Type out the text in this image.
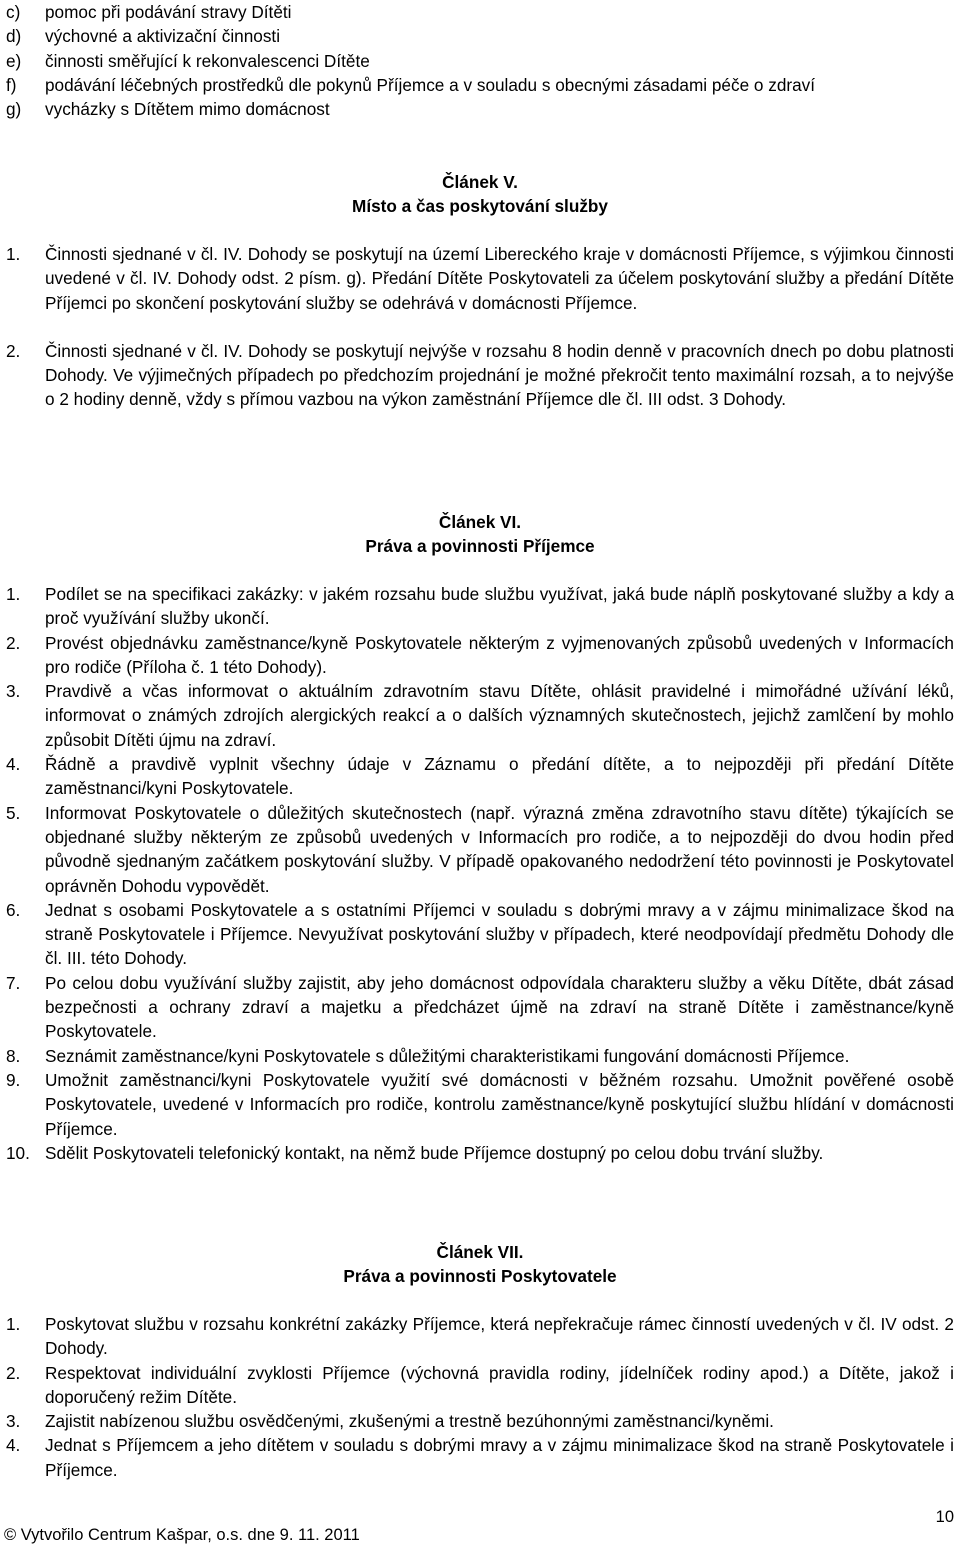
c) pomoc při podávání stravy Dítěti
d) výchovné a aktivizační činnosti
e) činnosti směřující k rekonvalescenci Dítěte
f) podávání léčebných prostředků dle pokynů Příjemce a v souladu s obecnými zásadami péče o zdraví
g) vycházky s Dítětem mimo domácnost
Článek V.
Místo a čas poskytování služby
1. Činnosti sjednané v čl. IV. Dohody se poskytují na území Libereckého kraje v domácnosti Příjemce, s výjimkou činnosti uvedené v čl. IV. Dohody odst. 2 písm. g). Předání Dítěte Poskytovateli za účelem poskytování služby a předání Dítěte Příjemci po skončení poskytování služby se odehrává v domácnosti Příjemce.
2. Činnosti sjednané v čl. IV. Dohody se poskytují nejvýše v rozsahu 8 hodin denně v pracovních dnech po dobu platnosti Dohody. Ve výjimečných případech po předchozím projednání je možné překročit tento maximální rozsah, a to nejvýše o 2 hodiny denně, vždy s přímou vazbou na výkon zaměstnání Příjemce dle čl. III odst. 3 Dohody.
Článek VI.
Práva a povinnosti Příjemce
1. Podílet se na specifikaci zakázky: v jakém rozsahu bude službu využívat, jaká bude náplň poskytované služby a kdy a proč využívání služby ukončí.
2. Provést objednávku zaměstnance/kyně Poskytovatele některým z vyjmenovaných způsobů uvedených v Informacích pro rodiče (Příloha č. 1 této Dohody).
3. Pravdivě a včas informovat o aktuálním zdravotním stavu Dítěte, ohlásit pravidelné i mimořádné užívání léků, informovat o známých zdrojích alergických reakcí a o dalších významných skutečnostech, jejichž zamlčení by mohlo způsobit Dítěti újmu na zdraví.
4. Řádně a pravdivě vyplnit všechny údaje v Záznamu o předání dítěte, a to nejpozději při předání Dítěte zaměstnanci/kyni Poskytovatele.
5. Informovat Poskytovatele o důležitých skutečnostech (např. výrazná změna zdravotního stavu dítěte) týkajících se objednané služby některým ze způsobů uvedených v Informacích pro rodiče, a to nejpozději do dvou hodin před původně sjednaným začátkem poskytování služby. V případě opakovaného nedodržení této povinnosti je Poskytovatel oprávněn Dohodu vypovědět.
6. Jednat s osobami Poskytovatele a s ostatními Příjemci v souladu s dobrými mravy a v zájmu minimalizace škod na straně Poskytovatele i Příjemce. Nevyužívat poskytování služby v případech, které neodpovídají předmětu Dohody dle čl. III. této Dohody.
7. Po celou dobu využívání služby zajistit, aby jeho domácnost odpovídala charakteru služby a věku Dítěte, dbát zásad bezpečnosti a ochrany zdraví a majetku a předcházet újmě na zdraví na straně Dítěte i zaměstnance/kyně Poskytovatele.
8. Seznámit zaměstnance/kyni Poskytovatele s důležitými charakteristikami fungování domácnosti Příjemce.
9. Umožnit zaměstnanci/kyni Poskytovatele využití své domácnosti v běžném rozsahu. Umožnit pověřené osobě Poskytovatele, uvedené v Informacích pro rodiče, kontrolu zaměstnance/kyně poskytující službu hlídání v domácnosti Příjemce.
10. Sdělit Poskytovateli telefonický kontakt, na němž bude Příjemce dostupný po celou dobu trvání služby.
Článek VII.
Práva a povinnosti Poskytovatele
1. Poskytovat službu v rozsahu konkrétní zakázky Příjemce, která nepřekračuje rámec činností uvedených v čl. IV odst. 2 Dohody.
2. Respektovat individuální zvyklosti Příjemce (výchovná pravidla rodiny, jídelníček rodiny apod.) a Dítěte, jakož i doporučený režim Dítěte.
3. Zajistit nabízenou službu osvědčenými, zkušenými a trestně bezúhonnými zaměstnanci/kyněmi.
4. Jednat s Příjemcem a jeho dítětem v souladu s dobrými mravy a v zájmu minimalizace škod na straně Poskytovatele i Příjemce.
10
© Vytvořilo Centrum Kašpar, o.s. dne 9. 11. 2011
